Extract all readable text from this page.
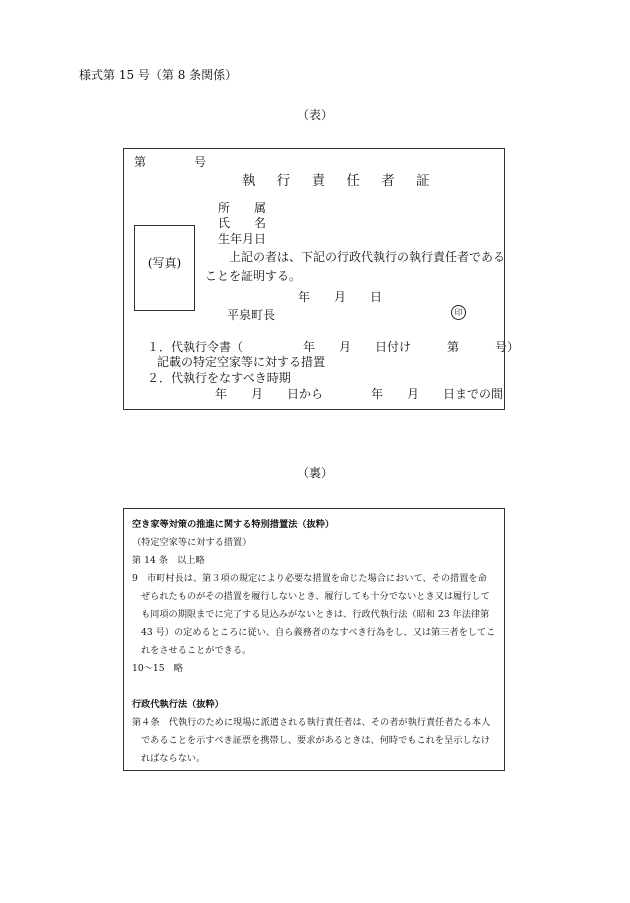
様式第 15 号（第 8 条関係）
（表）
第　　　　号
執 行 責 任 者 証
(写真)
所　　属
氏　　名
生年月日
上記の者は、下記の行政代執行の執行責任者である
ことを証明する。
年　　月　　日
平泉町長	印
１．代執行令書（　　　　　年　　月　　日付け　　　第　　　号）
記載の特定空家等に対する措置
２．代執行をなすべき時期
年　　月　　日から　　　　年　　月　　日までの間
（裏）
空き家等対策の推進に関する特別措置法（抜粋）
（特定空家等に対する措置）
第 14 条　以上略
9　市町村長は、第３項の規定により必要な措置を命じた場合において、その措置を命
ぜられたものがその措置を履行しないとき、履行しても十分でないとき又は履行して
も同項の期限までに完了する見込みがないときは、行政代執行法（昭和 23 年法律第
43 号）の定めるところに従い、自ら義務者のなすべき行為をし、又は第三者をしてこ
れをさせることができる。
10～15　略
行政代執行法（抜粋）
第４条　代執行のために現場に派遣される執行責任者は、その者が執行責任者たる本人
であることを示すべき証票を携帯し、要求があるときは、何時でもこれを呈示しなけ
ればならない。
